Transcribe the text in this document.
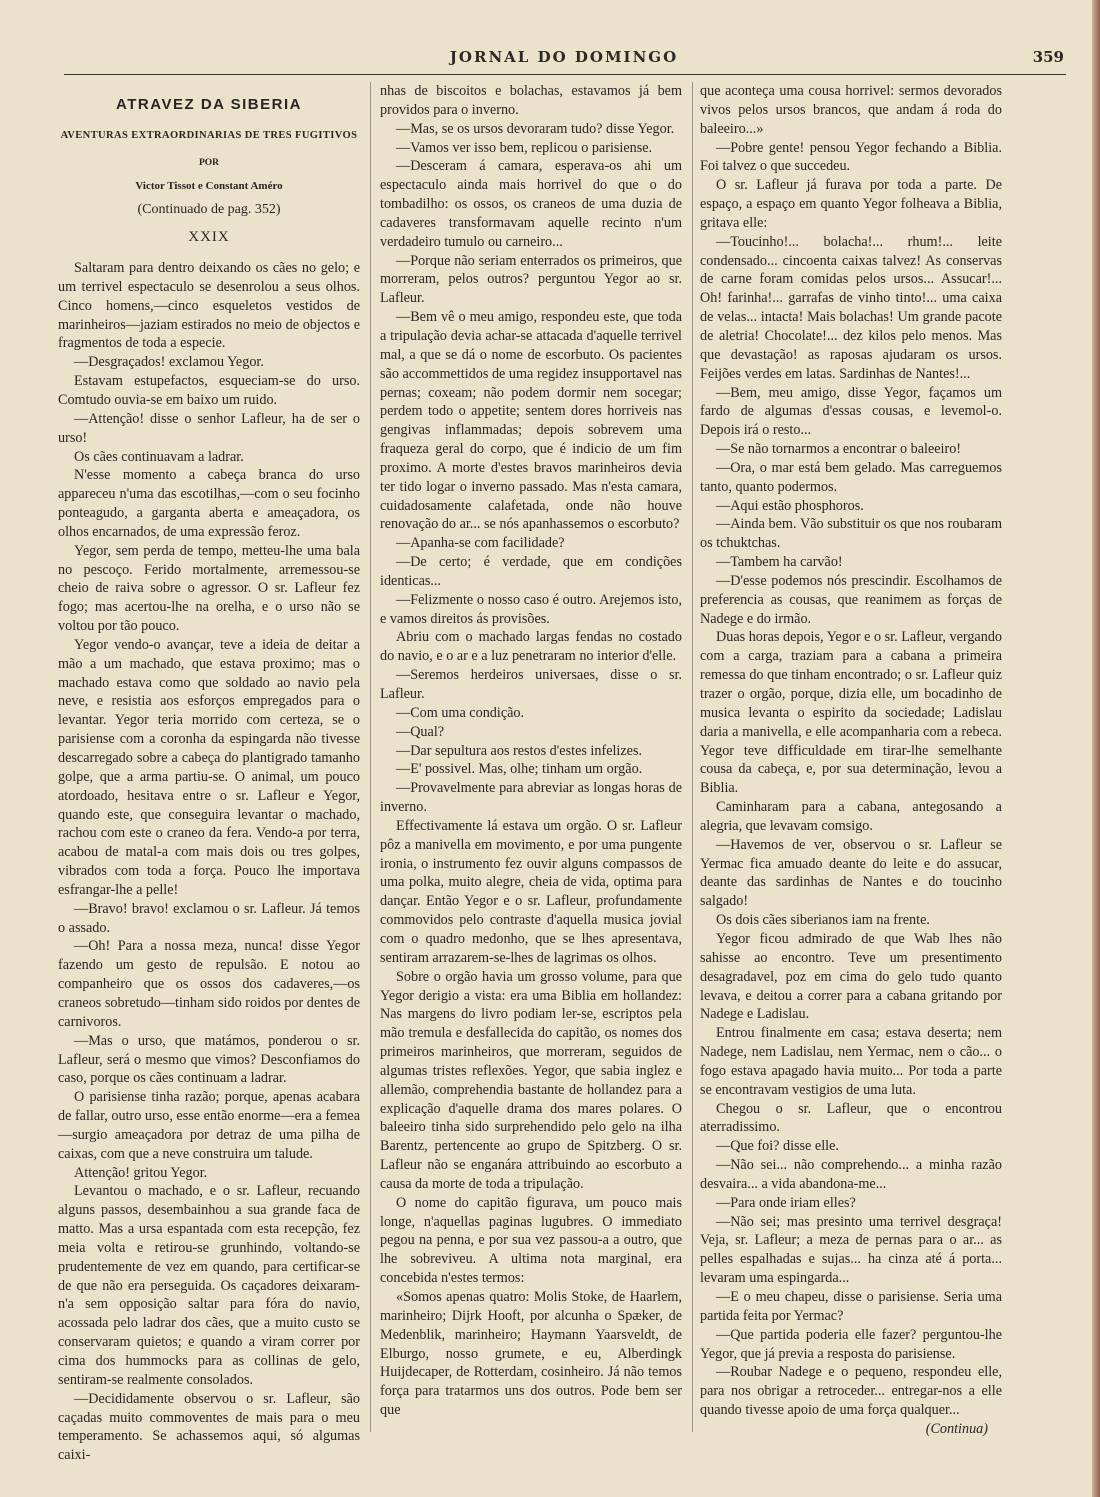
JORNAL DO DOMINGO	359
ATRAVEZ DA SIBERIA
AVENTURAS EXTRAORDINARIAS DE TRES FUGITIVOS
POR
Victor Tissot e Constant Améro
(Continuado de pag. 352)
XXIX

Saltaram para dentro deixando os cães no gelo; e um terrivel espectaculo se desenrolou a seus olhos. Cinco homens,—cinco esqueletos vestidos de marinheiros—jaziam estirados no meio de objectos e fragmentos de toda a especie.

—Desgraçados! exclamou Yegor.

Estavam estupefactos, esqueciam-se do urso. Comtudo ouvia-se em baixo um ruido.

—Attenção! disse o senhor Lafleur, ha de ser o urso!

Os cães continuavam a ladrar.

N'esse momento a cabeça branca do urso appareceu n'uma das escotilhas,—com o seu focinho ponteagudo, a garganta aberta e ameaçadora, os olhos encarnados, de uma expressão feroz.

Yegor, sem perda de tempo, metteu-lhe uma bala no pescoço. Ferido mortalmente, arremessou-se cheio de raiva sobre o agressor. O sr. Lafleur fez fogo; mas acertou-lhe na orelha, e o urso não se voltou por tão pouco.

Yegor vendo-o avançar, teve a ideia de deitar a mão a um machado, que estava proximo; mas o machado estava como que soldado ao navio pela neve, e resistia aos esforços empregados para o levantar. Yegor teria morrido com certeza, se o parisiense com a coronha da espingarda não tivesse descarregado sobre a cabeça do plantigrado tamanho golpe, que a arma partiu-se. O animal, um pouco atordoado, hesitava entre o sr. Lafleur e Yegor, quando este, que conseguira levantar o machado, rachou com este o craneo da fera. Vendo-a por terra, acabou de matal-a com mais dois ou tres golpes, vibrados com toda a força. Pouco lhe importava esfrangar-lhe a pelle!

—Bravo! bravo! exclamou o sr. Lafleur. Já temos o assado.

—Oh! Para a nossa meza, nunca! disse Yegor fazendo um gesto de repulsão. E notou ao companheiro que os ossos dos cadaveres,—os craneos sobretudo—tinham sido roidos por dentes de carnivoros.

—Mas o urso, que matámos, ponderou o sr. Lafleur, será o mesmo que vimos? Desconfiamos do caso, porque os cães continuam a ladrar.

O parisiense tinha razão; porque, apenas acabara de fallar, outro urso, esse então enorme—era a femea—surgio ameaçadora por detraz de uma pilha de caixas, com que a neve construira um talude.

Attenção! gritou Yegor.

Levantou o machado, e o sr. Lafleur, recuando alguns passos, desembainhou a sua grande faca de matto. Mas a ursa espantada com esta recepção, fez meia volta e retirou-se grunhindo, voltando-se prudentemente de vez em quando, para certificar-se de que não era perseguida. Os caçadores deixaram-n'a sem opposição saltar para fóra do navio, acossada pelo ladrar dos cães, que a muito custo se conservaram quietos; e quando a viram correr por cima dos hummocks para as collinas de gelo, sentiram-se realmente consolados.

—Decididamente observou o sr. Lafleur, são caçadas muito commoventes de mais para o meu temperamento. Se achassemos aqui, só algumas caixi-

nhas de biscoitos e bolachas, estavamos já bem providos para o inverno.

—Mas, se os ursos devoraram tudo? disse Yegor.

—Vamos ver isso bem, replicou o parisiense.

—Desceram á camara, esperava-os ahi um espectaculo ainda mais horrivel do que o do tombadilho: os ossos, os craneos de uma duzia de cadaveres transformavam aquelle recinto n'um verdadeiro tumulo ou carneiro...

—Porque não seriam enterrados os primeiros, que morreram, pelos outros? perguntou Yegor ao sr. Lafleur.

—Bem vê o meu amigo, respondeu este, que toda a tripulação devia achar-se attacada d'aquelle terrivel mal, a que se dá o nome de escorbuto. Os pacientes são accommettidos de uma regidez insupportavel nas pernas; coxeam; não podem dormir nem socegar; perdem todo o appetite; sentem dores horriveis nas gengivas inflammadas; depois sobrevem uma fraqueza geral do corpo, que é indicio de um fim proximo. A morte d'estes bravos marinheiros devia ter tido logar o inverno passado. Mas n'esta camara, cuidadosamente calafetada, onde não houve renovação do ar... se nós apanhassemos o escorbuto?

—Apanha-se com facilidade?

—De certo; é verdade, que em condições identicas...

—Felizmente o nosso caso é outro. Arejemos isto, e vamos direitos ás provisões.

Abriu com o machado largas fendas no costado do navio, e o ar e a luz penetraram no interior d'elle.

—Seremos herdeiros universaes, disse o sr. Lafleur.

—Com uma condição.

—Qual?

—Dar sepultura aos restos d'estes infelizes.

—E' possivel. Mas, olhe; tinham um orgão.

—Provavelmente para abreviar as longas horas de inverno.

Effectivamente lá estava um orgão. O sr. Lafleur pôz a manivella em movimento, e por uma pungente ironia, o instrumento fez ouvir alguns compassos de uma polka, muito alegre, cheia de vida, optima para dançar. Então Yegor e o sr. Lafleur, profundamente commovidos pelo contraste d'aquella musica jovial com o quadro medonho, que se lhes apresentava, sentiram arrazarem-se-lhes de lagrimas os olhos.

Sobre o orgão havia um grosso volume, para que Yegor derigio a vista: era uma Biblia em hollandez: Nas margens do livro podiam ler-se, escriptos pela mão tremula e desfallecida do capitão, os nomes dos primeiros marinheiros, que morreram, seguidos de algumas tristes reflexões. Yegor, que sabia inglez e allemão, comprehendia bastante de hollandez para a explicação d'aquelle drama dos mares polares. O baleeiro tinha sido surprehendido pelo gelo na ilha Barentz, pertencente ao grupo de Spitzberg. O sr. Lafleur não se enganára attribuindo ao escorbuto a causa da morte de toda a tripulação.

O nome do capitão figurava, um pouco mais longe, n'aquellas paginas lugubres. O immediato pegou na penna, e por sua vez passou-a a outro, que lhe sobreviveu. A ultima nota marginal, era concebida n'estes termos:

«Somos apenas quatro: Molis Stoke, de Haarlem, marinheiro; Dijrk Hooft, por alcunha o Spæker, de Medenblik, marinheiro; Haymann Yaarsveldt, de Elburgo, nosso grumete, e eu, Alberdingk Huijdecaper, de Rotterdam, cosinheiro. Já não temos força para tratarmos uns dos outros. Pode bem ser que

que aconteça uma cousa horrivel: sermos devorados vivos pelos ursos brancos, que andam á roda do baleeiro...»

—Pobre gente! pensou Yegor fechando a Biblia. Foi talvez o que succedeu.

O sr. Lafleur já furava por toda a parte. De espaço, a espaço em quanto Yegor folheava a Biblia, gritava elle:

—Toucinho!... bolacha!... rhum!... leite condensado... cincoenta caixas talvez! As conservas de carne foram comidas pelos ursos... Assucar!... Oh! farinha!... garrafas de vinho tinto!... uma caixa de velas... intacta! Mais bolachas! Um grande pacote de aletria! Chocolate!... dez kilos pelo menos. Mas que devastação! as raposas ajudaram os ursos. Feijões verdes em latas. Sardinhas de Nantes!...

—Bem, meu amigo, disse Yegor, façamos um fardo de algumas d'essas cousas, e levemol-o. Depois irá o resto...

—Se não tornarmos a encontrar o baleeiro!

—Ora, o mar está bem gelado. Mas carreguemos tanto, quanto podermos.

—Aqui estão phosphoros.

—Ainda bem. Vão substituir os que nos roubaram os tchuktchas.

—Tambem ha carvão!

—D'esse podemos nós prescindir. Escolhamos de preferencia as cousas, que reanimem as forças de Nadege e do irmão.

Duas horas depois, Yegor e o sr. Lafleur, vergando com a carga, traziam para a cabana a primeira remessa do que tinham encontrado; o sr. Lafleur quiz trazer o orgão, porque, dizia elle, um bocadinho de musica levanta o espirito da sociedade; Ladislau daria a manivella, e elle acompanharia com a rebeca. Yegor teve difficuldade em tirar-lhe semelhante cousa da cabeça, e, por sua determinação, levou a Biblia.

Caminharam para a cabana, antegosando a alegria, que levavam comsigo.

—Havemos de ver, observou o sr. Lafleur se Yermac fica amuado deante do leite e do assucar, deante das sardinhas de Nantes e do toucinho salgado!

Os dois cães siberianos iam na frente.

Yegor ficou admirado de que Wab lhes não sahisse ao encontro. Teve um presentimento desagradavel, poz em cima do gelo tudo quanto levava, e deitou a correr para a cabana gritando por Nadege e Ladislau.

Entrou finalmente em casa; estava deserta; nem Nadege, nem Ladislau, nem Yermac, nem o cão... o fogo estava apagado havia muito... Por toda a parte se encontravam vestigios de uma luta.

Chegou o sr. Lafleur, que o encontrou aterradissimo.

—Que foi? disse elle.

—Não sei... não comprehendo... a minha razão desvaira... a vida abandona-me...

—Para onde iriam elles?

—Não sei; mas presinto uma terrivel desgraça! Veja, sr. Lafleur; a meza de pernas para o ar... as pelles espalhadas e sujas... ha cinza até á porta... levaram uma espingarda...

—E o meu chapeu, disse o parisiense. Seria uma partida feita por Yermac?

—Que partida poderia elle fazer? perguntou-lhe Yegor, que já previa a resposta do parisiense.

—Roubar Nadege e o pequeno, respondeu elle, para nos obrigar a retroceder... entregar-nos a elle quando tivesse apoio de uma força qualquer...

(Continua)
